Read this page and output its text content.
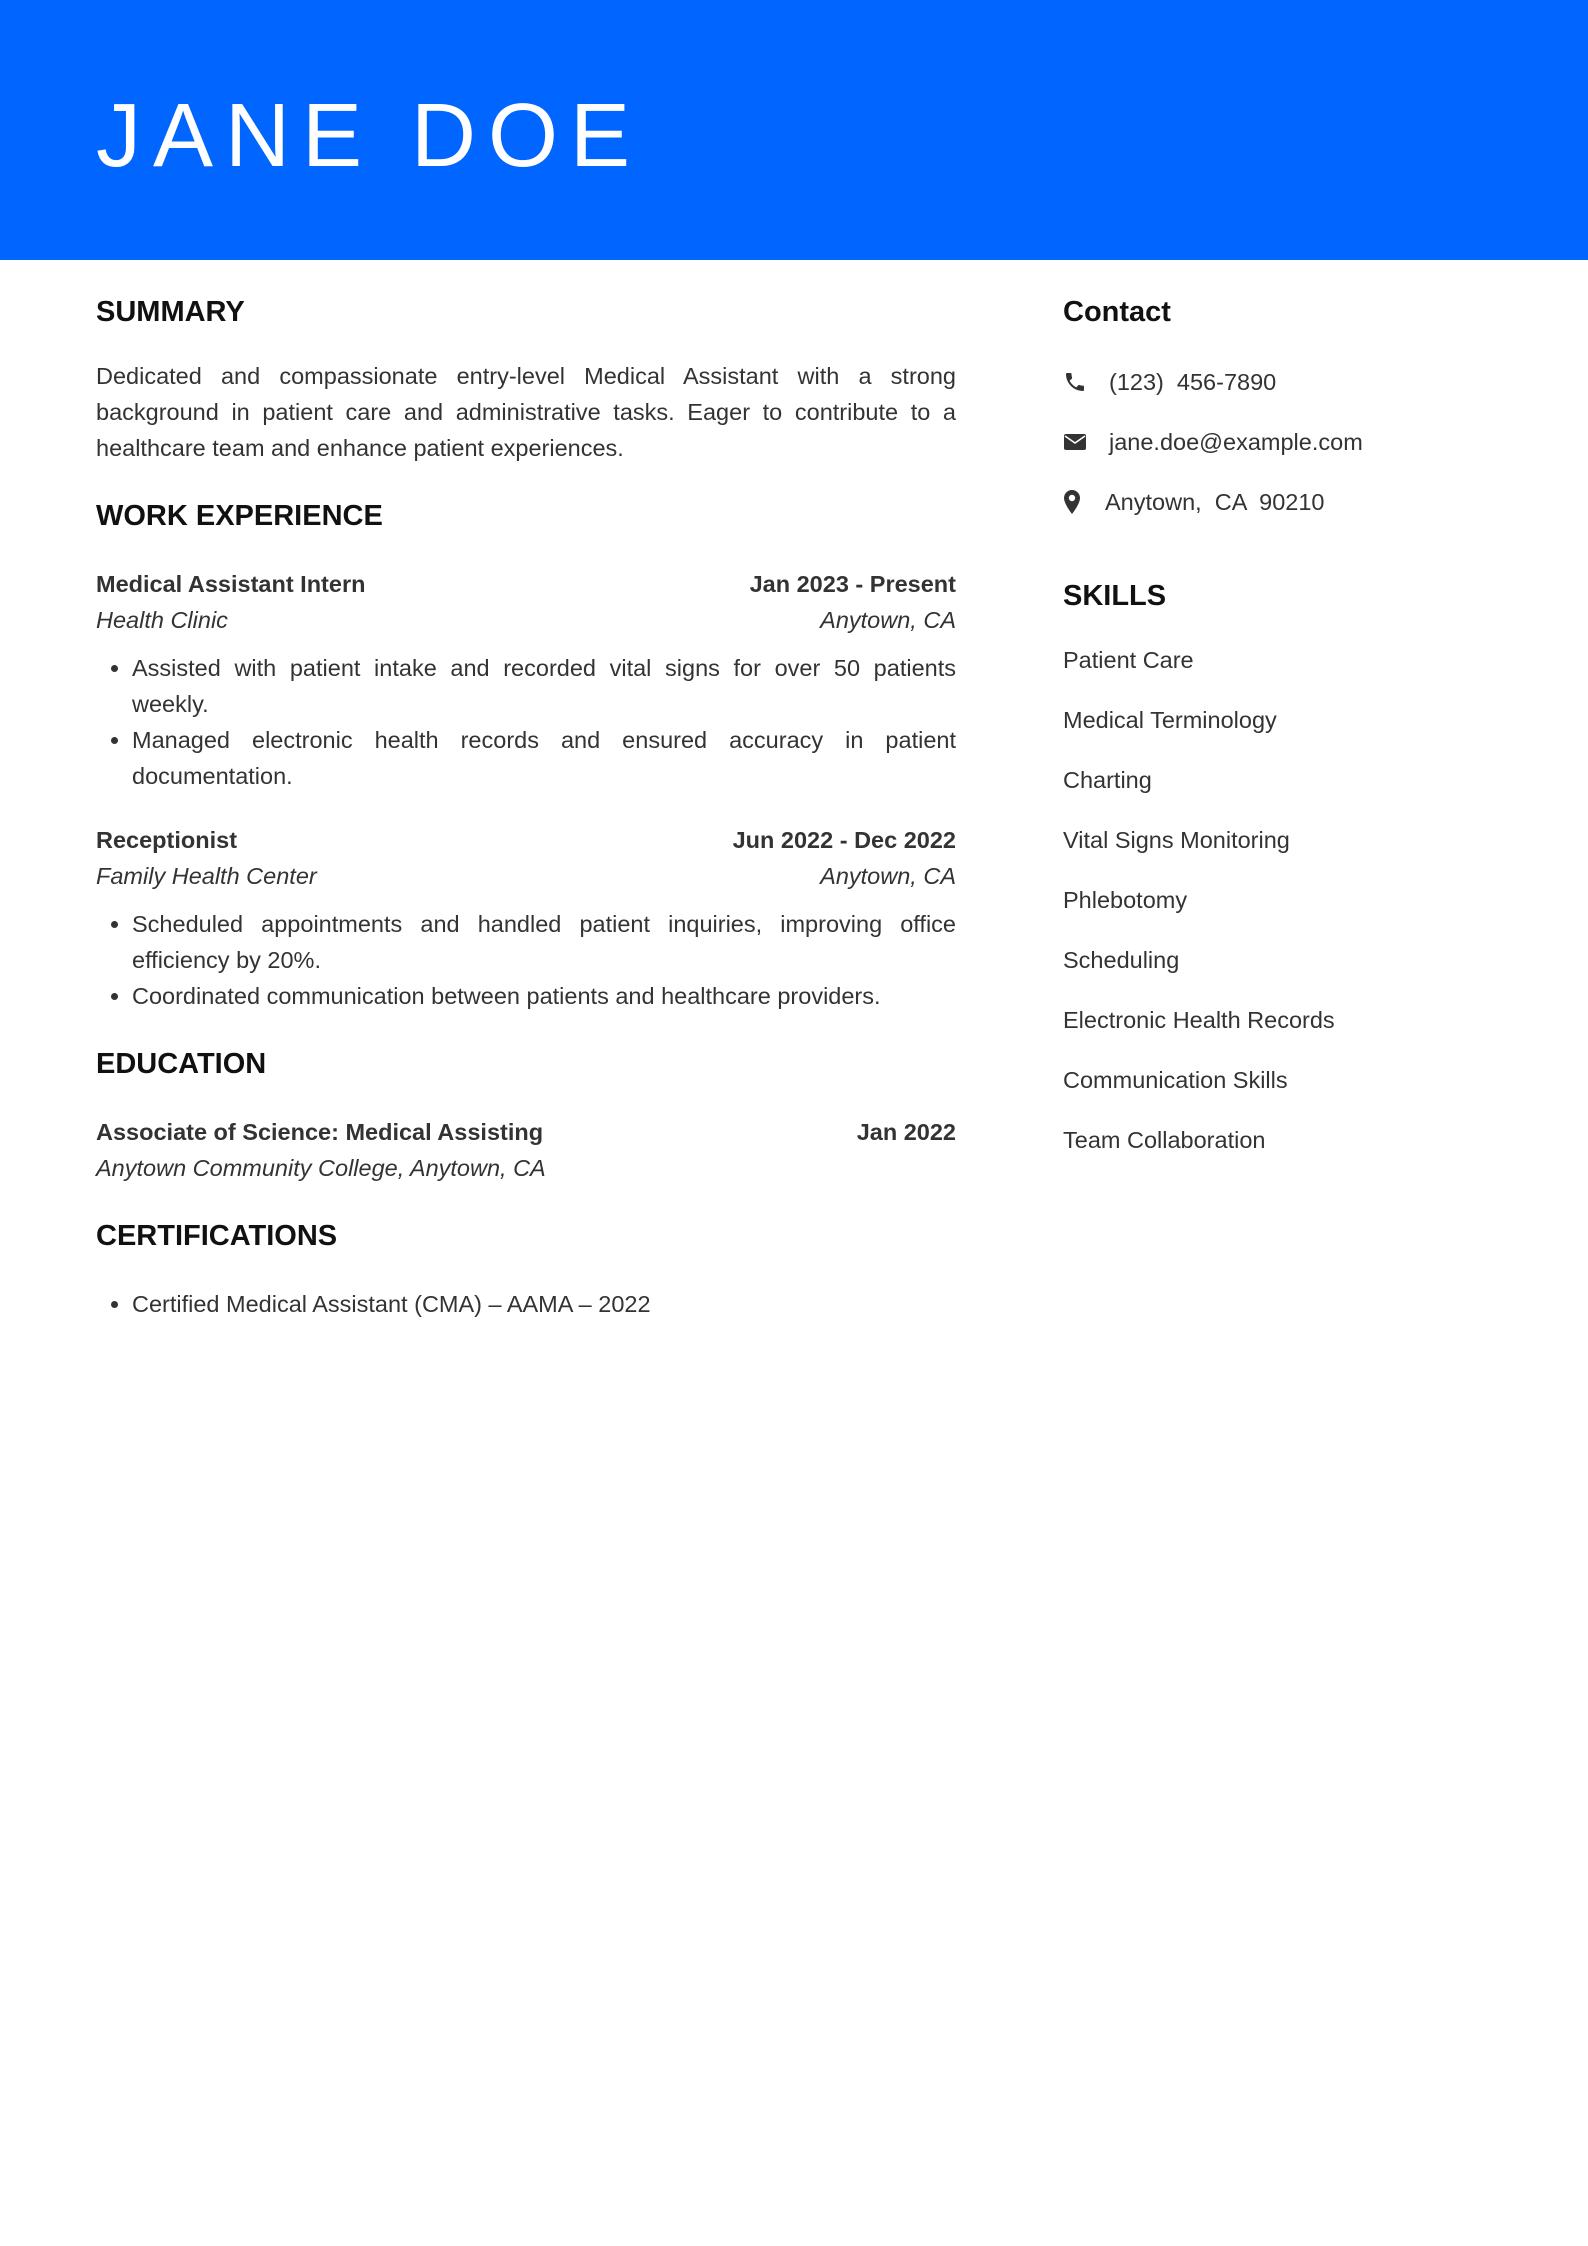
JANE DOE
SUMMARY

Dedicated and compassionate entry-level Medical Assistant with a strong background in patient care and administrative tasks. Eager to contribute to a healthcare team and enhance patient experiences.

WORK EXPERIENCE
Medical Assistant Intern	Jan 2023 - Present
Health Clinic	Anytown, CA
• Assisted with patient intake and recorded vital signs for over 50 patients weekly.
• Managed electronic health records and ensured accuracy in patient documentation.
Receptionist	Jun 2022 - Dec 2022
Family Health Center	Anytown, CA
• Scheduled appointments and handled patient inquiries, improving office efficiency by 20%.
• Coordinated communication between patients and healthcare providers.
EDUCATION
Associate of Science: Medical Assisting	Jan 2022
Anytown Community College, Anytown, CA
CERTIFICATIONS
• Certified Medical Assistant (CMA) – AAMA – 2022
Contact
(123)  456-7890
jane.doe@example.com
Anytown,  CA  90210
SKILLS
Patient Care
Medical Terminology
Charting
Vital Signs Monitoring
Phlebotomy
Scheduling
Electronic Health Records
Communication Skills
Team Collaboration
